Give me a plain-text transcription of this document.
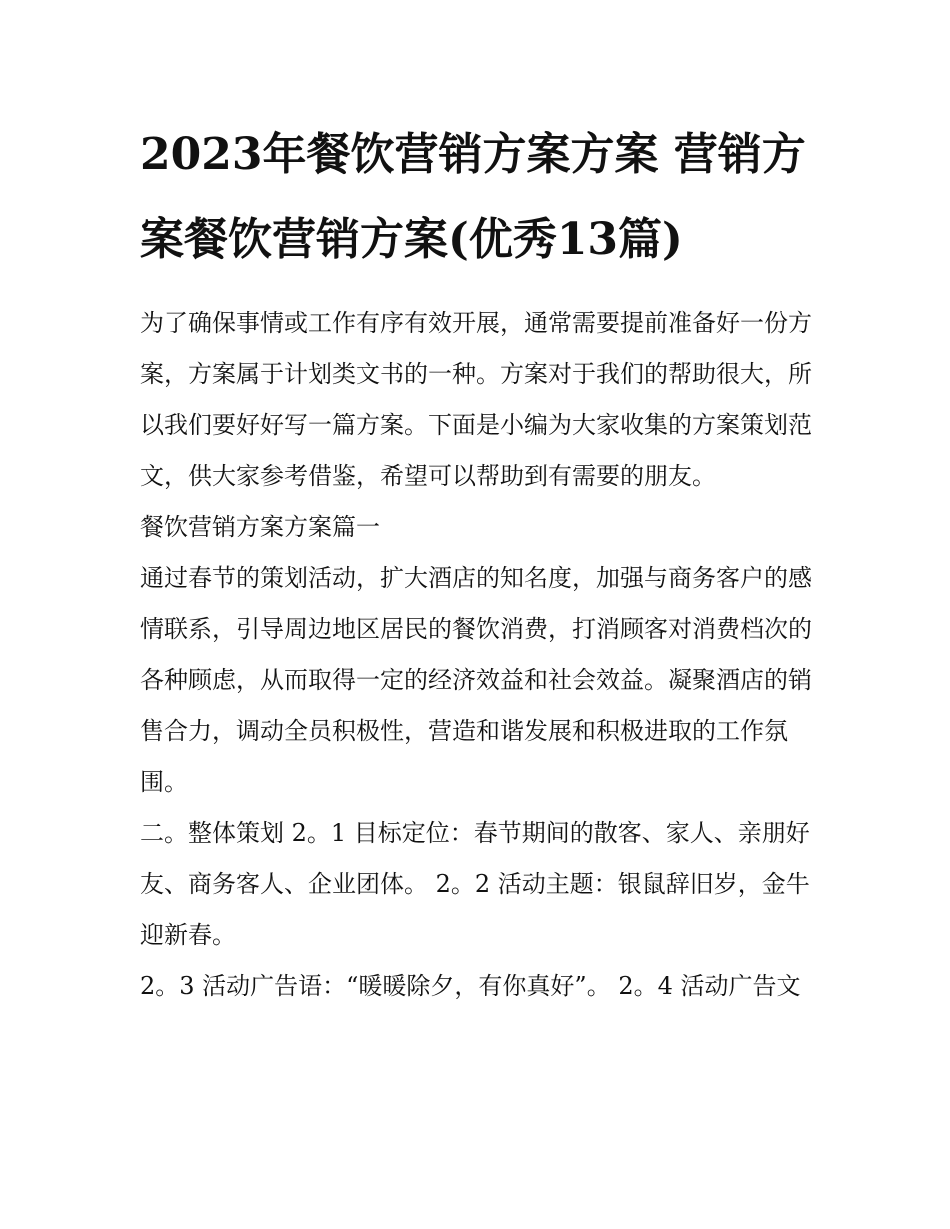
2023年餐饮营销方案方案 营销方案餐饮营销方案(优秀13篇)

为了确保事情或工作有序有效开展，通常需要提前准备好一份方案，方案属于计划类文书的一种。方案对于我们的帮助很大，所以我们要好好写一篇方案。下面是小编为大家收集的方案策划范文，供大家参考借鉴，希望可以帮助到有需要的朋友。

餐饮营销方案方案篇一

通过春节的策划活动，扩大酒店的知名度，加强与商务客户的感情联系，引导周边地区居民的餐饮消费，打消顾客对消费档次的各种顾虑，从而取得一定的经济效益和社会效益。凝聚酒店的销售合力，调动全员积极性，营造和谐发展和积极进取的工作氛围。

二。整体策划 2。1 目标定位：春节期间的散客、家人、亲朋好友、商务客人、企业团体。 2。2 活动主题：银鼠辞旧岁，金牛迎新春。

2。3 活动广告语：“暖暖除夕，有你真好”。 2。4 活动广告文
